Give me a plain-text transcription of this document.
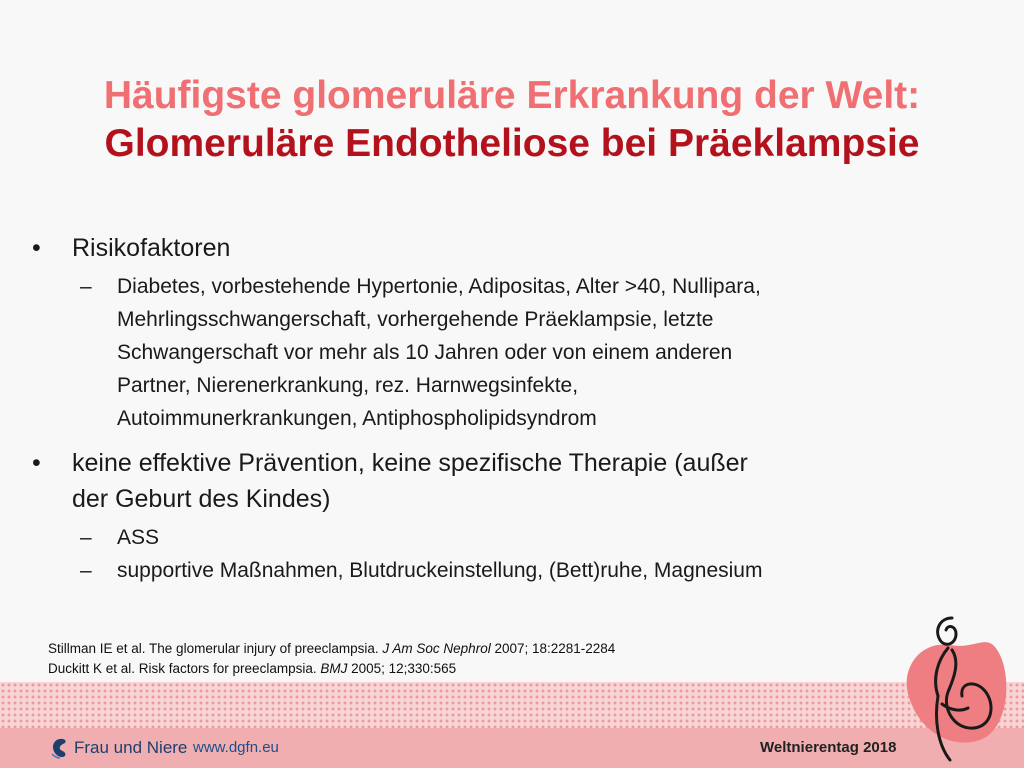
Häufigste glomeruläre Erkrankung der Welt:
Glomeruläre Endotheliose bei Präeklampsie
• Risikofaktoren
– Diabetes, vorbestehende Hypertonie, Adipositas, Alter >40, Nullipara,
Mehrlingsschwangerschaft, vorhergehende Präeklampsie, letzte
Schwangerschaft vor mehr als 10 Jahren oder von einem anderen
Partner, Nierenerkrankung, rez. Harnwegsinfekte,
Autoimmunerkrankungen, Antiphospholipidsyndrom
• keine effektive Prävention, keine spezifische Therapie (außer
der Geburt des Kindes)
– ASS
– supportive Maßnahmen, Blutdruckeinstellung, (Bett)ruhe, Magnesium
Stillman IE et al. The glomerular injury of preeclampsia. J Am Soc Nephrol 2007; 18:2281-2284
Duckitt K et al. Risk factors for preeclampsia. BMJ 2005; 12;330:565
Frau und Niere www.dgfn.eu	Weltnierentag 2018
